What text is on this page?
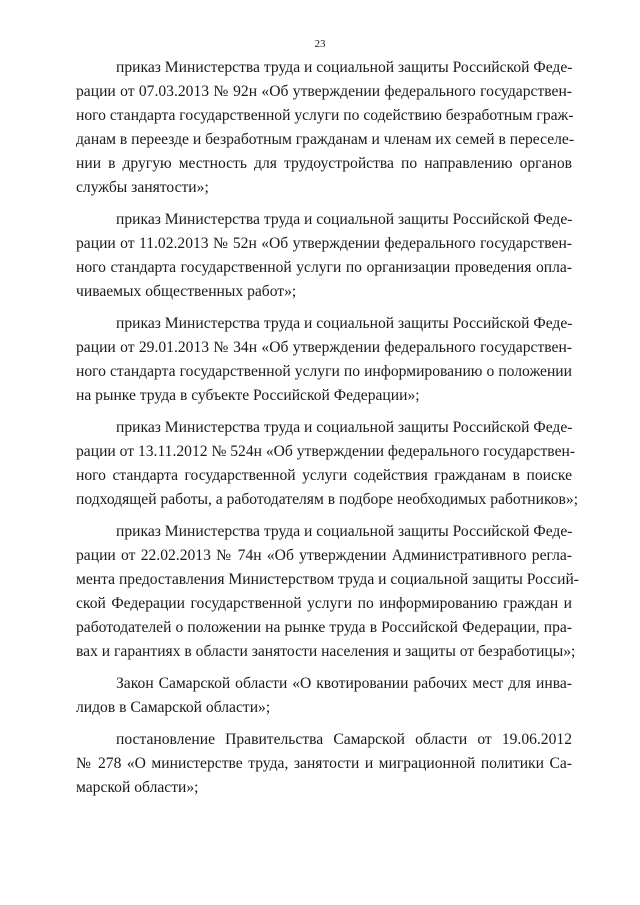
23
приказ Министерства труда и социальной защиты Российской Феде-
рации от 07.03.2013 № 92н «Об утверждении федерального государствен-
ного стандарта государственной услуги по содействию безработным граж-
данам в переезде и безработным гражданам и членам их семей в переселе-
нии в другую местность для трудоустройства по направлению органов
службы занятости»;
приказ Министерства труда и социальной защиты Российской Феде-
рации от 11.02.2013 № 52н «Об утверждении федерального государствен-
ного стандарта государственной услуги по организации проведения опла-
чиваемых общественных работ»;
приказ Министерства труда и социальной защиты Российской Феде-
рации от 29.01.2013 № 34н «Об утверждении федерального государствен-
ного стандарта государственной услуги по информированию о положении
на рынке труда в субъекте Российской Федерации»;
приказ Министерства труда и социальной защиты Российской Феде-
рации от 13.11.2012 № 524н «Об утверждении федерального государствен-
ного стандарта государственной услуги содействия гражданам в поиске
подходящей работы, а работодателям в подборе необходимых работников»;
приказ Министерства труда и социальной защиты Российской Феде-
рации от 22.02.2013 № 74н «Об утверждении Административного регла-
мента предоставления Министерством труда и социальной защиты Россий-
ской Федерации государственной услуги по информированию граждан и
работодателей о положении на рынке труда в Российской Федерации, пра-
вах и гарантиях в области занятости населения и защиты от безработицы»;
Закон Самарской области «О квотировании рабочих мест для инва-
лидов в Самарской области»;
постановление Правительства Самарской области от 19.06.2012
№ 278 «О министерстве труда, занятости и миграционной политики Са-
марской области»;
